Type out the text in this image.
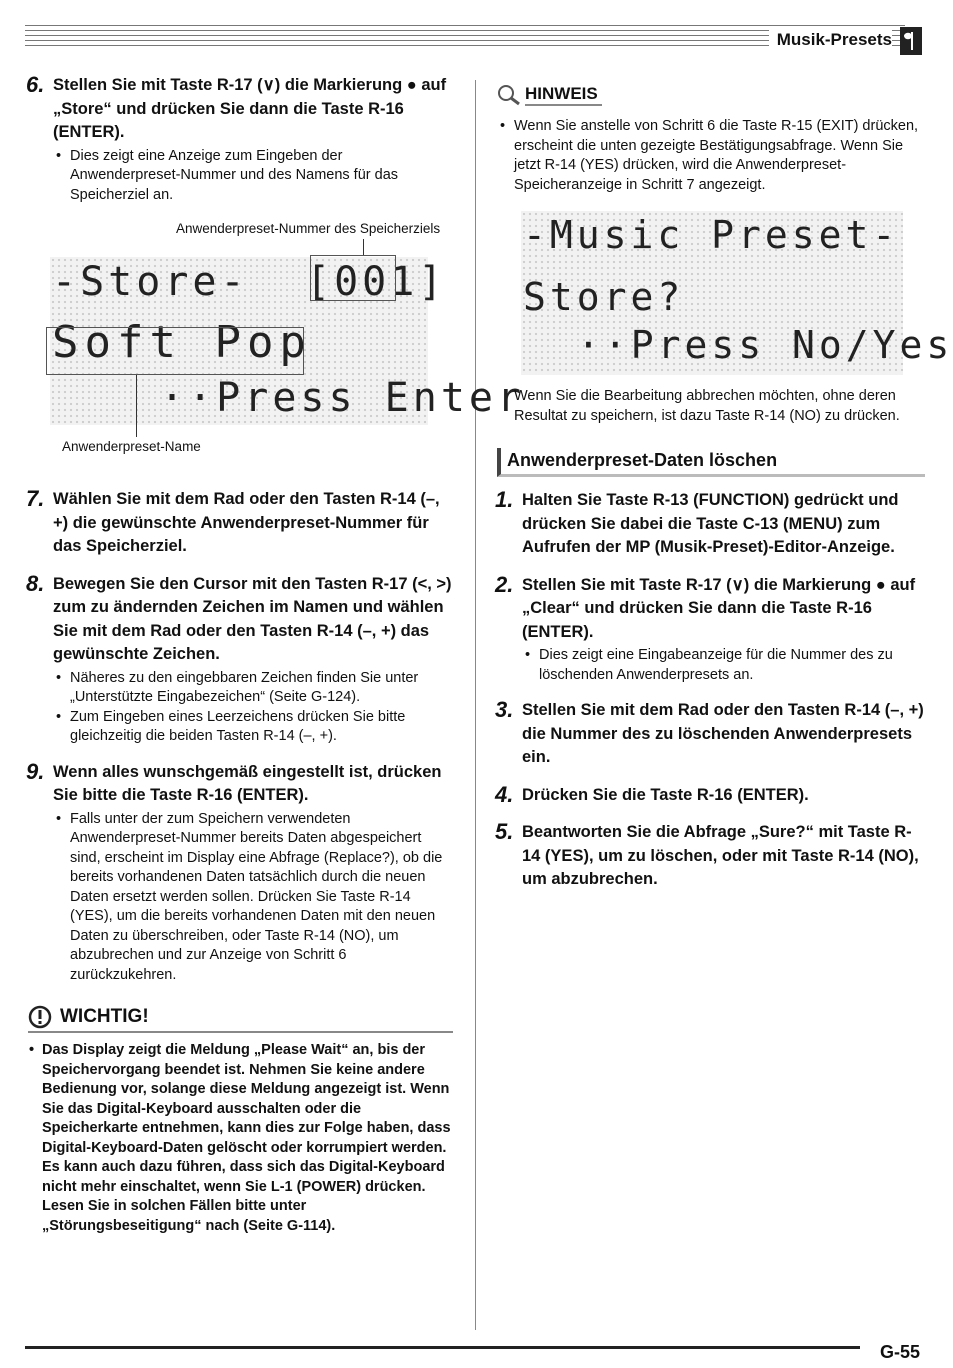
Musik-Presets
6. Stellen Sie mit Taste R-17 (∨) die Markierung ● auf „Store“ und drücken Sie dann die Taste R-16 (ENTER).
• Dies zeigt eine Anzeige zum Eingeben der Anwenderpreset-Nummer und des Namens für das Speicherziel an.
Anwenderpreset-Nummer des Speicherziels
-Store- [001]
Soft Pop
··Press Enter
Anwenderpreset-Name
7. Wählen Sie mit dem Rad oder den Tasten R-14 (–, +) die gewünschte Anwenderpreset-Nummer für das Speicherziel.
8. Bewegen Sie den Cursor mit den Tasten R-17 (<, >) zum zu ändernden Zeichen im Namen und wählen Sie mit dem Rad oder den Tasten R-14 (–, +) das gewünschte Zeichen.
• Näheres zu den eingebbaren Zeichen finden Sie unter „Unterstützte Eingabezeichen“ (Seite G-124).
• Zum Eingeben eines Leerzeichens drücken Sie bitte gleichzeitig die beiden Tasten R-14 (–, +).
9. Wenn alles wunschgemäß eingestellt ist, drücken Sie bitte die Taste R-16 (ENTER).
• Falls unter der zum Speichern verwendeten Anwenderpreset-Nummer bereits Daten abgespeichert sind, erscheint im Display eine Abfrage (Replace?), ob die bereits vorhandenen Daten tatsächlich durch die neuen Daten ersetzt werden sollen. Drücken Sie Taste R-14 (YES), um die bereits vorhandenen Daten mit den neuen Daten zu überschreiben, oder Taste R-14 (NO), um abzubrechen und zur Anzeige von Schritt 6 zurückzukehren.
WICHTIG!
• Das Display zeigt die Meldung „Please Wait“ an, bis der Speichervorgang beendet ist. Nehmen Sie keine andere Bedienung vor, solange diese Meldung angezeigt ist. Wenn Sie das Digital-Keyboard ausschalten oder die Speicherkarte entnehmen, kann dies zur Folge haben, dass Digital-Keyboard-Daten gelöscht oder korrumpiert werden. Es kann auch dazu führen, dass sich das Digital-Keyboard nicht mehr einschaltet, wenn Sie L-1 (POWER) drücken. Lesen Sie in solchen Fällen bitte unter „Störungsbeseitigung“ nach (Seite G-114).
HINWEIS
• Wenn Sie anstelle von Schritt 6 die Taste R-15 (EXIT) drücken, erscheint die unten gezeigte Bestätigungsabfrage. Wenn Sie jetzt R-14 (YES) drücken, wird die Anwenderpreset-Speicheranzeige in Schritt 7 angezeigt.
-Music Preset-
Store?
··Press No/Yes
Wenn Sie die Bearbeitung abbrechen möchten, ohne deren Resultat zu speichern, ist dazu Taste R-14 (NO) zu drücken.
Anwenderpreset-Daten löschen
1. Halten Sie Taste R-13 (FUNCTION) gedrückt und drücken Sie dabei die Taste C-13 (MENU) zum Aufrufen der MP (Musik-Preset)-Editor-Anzeige.
2. Stellen Sie mit Taste R-17 (∨) die Markierung ● auf „Clear“ und drücken Sie dann die Taste R-16 (ENTER).
• Dies zeigt eine Eingabeanzeige für die Nummer des zu löschenden Anwenderpresets an.
3. Stellen Sie mit dem Rad oder den Tasten R-14 (–, +) die Nummer des zu löschenden Anwenderpresets ein.
4. Drücken Sie die Taste R-16 (ENTER).
5. Beantworten Sie die Abfrage „Sure?“ mit Taste R-14 (YES), um zu löschen, oder mit Taste R-14 (NO), um abzubrechen.
G-55
